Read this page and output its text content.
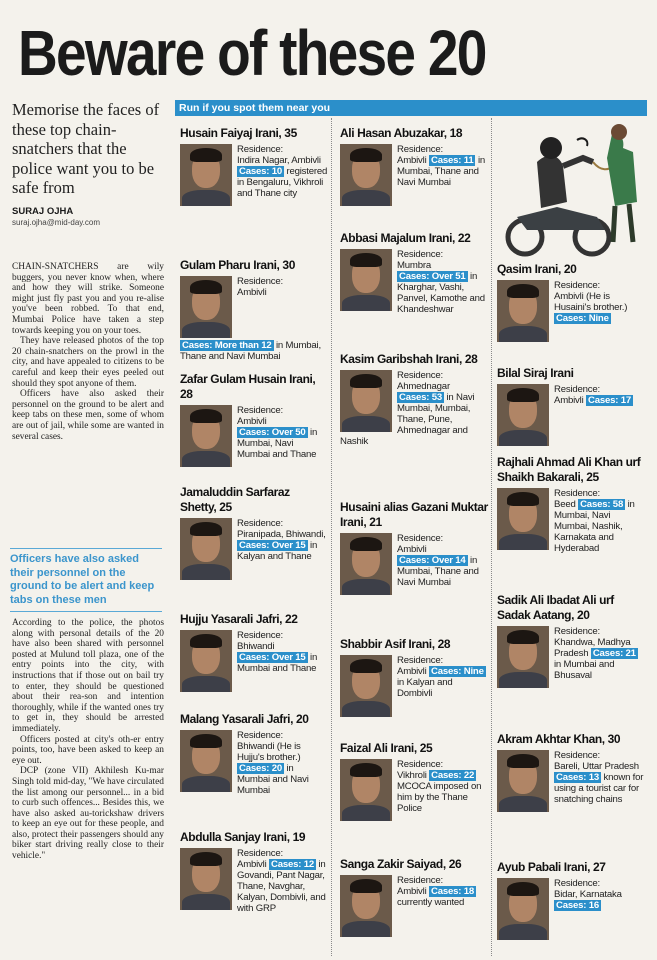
Beware of these 20
Memorise the faces of these top chain-snatchers that the police want you to be safe from
SURAJ OJHA
suraj.ojha@mid-day.com

CHAIN-SNATCHERS are wily buggers, you never know when, where and how they will strike. Someone might just fly past you and you re-alise you've been robbed. To that end, Mumbai Police have taken a step towards keeping you on your toes.

They have released photos of the top 20 chain-snatchers on the prowl in the city, and have appealed to citizens to be careful and keep their eyes peeled out should they spot anyone of them.

Officers have also asked their personnel on the ground to be alert and keep tabs on these men, some of whom are out of jail, while some are wanted in several cases.

Officers have also asked their personnel on the ground to be alert and keep tabs on these men

According to the police, the photos along with personal details of the 20 have also been shared with personnel posted at Mulund toll plaza, one of the entry points into the city, with instructions that if those out on bail try to enter, they should be questioned about their rea-son and intention thoroughly, while if the wanted ones try to get in, they should be arrested immediately.

Officers posted at city's oth-er entry points, too, have been asked to keep an eye out.

DCP (zone VII) Akhilesh Ku-mar Singh told mid-day, "We have circulated the list among our personnel... in a bid to curb such offences... Besides this, we have also asked au-torickshaw drivers to keep an eye out for these people, and also, protect their passengers should any biker start driving really close to their vehicle."

Run if you spot them near you
Husain Faiyaj Irani, 35
Residence:
Indira Nagar, Ambivli Cases: 10 registered in Bengaluru, Vikhroli and Thane city
Gulam Pharu Irani, 30
Residence:
Ambivli Cases: More than 12 in Mumbai, Thane and Navi Mumbai
Zafar Gulam Husain Irani, 28
Residence:
Ambivli Cases: Over 50 in Mumbai, Navi Mumbai and Thane
Jamaluddin Sarfaraz Shetty, 25
Residence:
Piranipada, Bhiwandi, Cases: Over 15 in Kalyan and Thane
Hujju Yasarali Jafri, 22
Residence:
Bhiwandi Cases: Over 15 in Mumbai and Thane
Malang Yasarali Jafri, 20
Residence:
Bhiwandi (He is Hujju's brother.) Cases: 20 in Mumbai and Navi Mumbai
Abdulla Sanjay Irani, 19
Residence:
Ambivli Cases: 12 in Govandi, Pant Nagar, Thane, Navghar, Kalyan, Dombivli, and with GRP
Ali Hasan Abuzakar, 18
Residence:
Ambivli Cases: 11 in Mumbai, Thane and Navi Mumbai
Abbasi Majalum Irani, 22
Residence:
Mumbra Cases: Over 51 in Kharghar, Vashi, Panvel, Kamothe and Khandeshwar
Kasim Garibshah Irani, 28
Residence:
Ahmednagar Cases: 53 in Navi Mumbai, Mumbai, Thane, Pune, Ahmednagar and Nashik
Husaini alias Gazani Muktar Irani, 21
Residence:
Ambivli Cases: Over 14 in Mumbai, Thane and Navi Mumbai
Shabbir Asif Irani, 28
Residence:
Ambivli Cases: Nine in Kalyan and Dombivli
Faizal Ali Irani, 25
Residence:
Vikhroli Cases: 22 MCOCA imposed on him by the Thane Police
Sanga Zakir Saiyad, 26
Residence:
Ambivli Cases: 18 currently wanted
Qasim Irani, 20
Residence:
Ambivli (He is Husaini's brother.) Cases: Nine
Bilal Siraj Irani
Residence:
Ambivli Cases: 17
Rajhali Ahmad Ali Khan urf Shaikh Bakarali, 25
Residence:
Beed Cases: 58 in Mumbai, Navi Mumbai, Nashik, Karnakata and Hyderabad
Sadik Ali Ibadat Ali urf Sadak Aatang, 20
Residence:
Khandwa, Madhya Pradesh Cases: 21 in Mumbai and Bhusaval
Akram Akhtar Khan, 30
Residence:
Bareli, Uttar Pradesh Cases: 13 known for using a tourist car for snatching chains
Ayub Pabali Irani, 27
Residence:
Bidar, Karnataka Cases: 16
